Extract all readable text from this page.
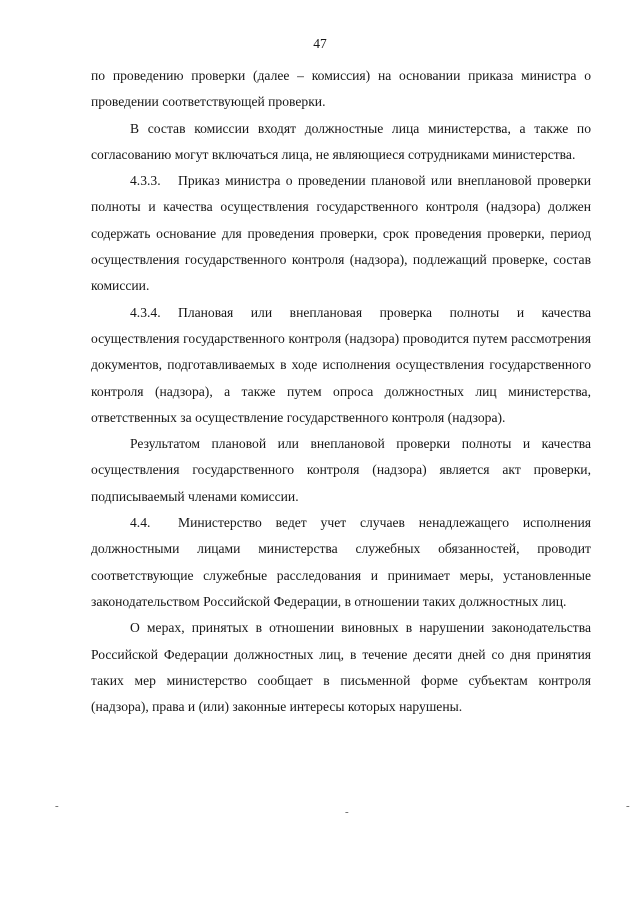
47

по проведению проверки (далее – комиссия) на основании приказа министра о проведении соответствующей проверки.

В состав комиссии входят должностные лица министерства, а также по согласованию могут включаться лица, не являющиеся сотрудниками министерства.

4.3.3. Приказ министра о проведении плановой или внеплановой проверки полноты и качества осуществления государственного контроля (надзора) должен содержать основание для проведения проверки, срок проведения проверки, период осуществления государственного контроля (надзора), подлежащий проверке, состав комиссии.

4.3.4. Плановая или внеплановая проверка полноты и качества осуществления государственного контроля (надзора) проводится путем рассмотрения документов, подготавливаемых в ходе исполнения осуществления государственного контроля (надзора), а также путем опроса должностных лиц министерства, ответственных за осуществление государственного контроля (надзора).

Результатом плановой или внеплановой проверки полноты и качества осуществления государственного контроля (надзора) является акт проверки, подписываемый членами комиссии.

4.4. Министерство ведет учет случаев ненадлежащего исполнения должностными лицами министерства служебных обязанностей, проводит соответствующие служебные расследования и принимает меры, установленные законодательством Российской Федерации, в отношении таких должностных лиц.

О мерах, принятых в отношении виновных в нарушении законодательства Российской Федерации должностных лиц, в течение десяти дней со дня принятия таких мер министерство сообщает в письменной форме субъектам контроля (надзора), права и (или) законные интересы которых нарушены.

-	-	-
